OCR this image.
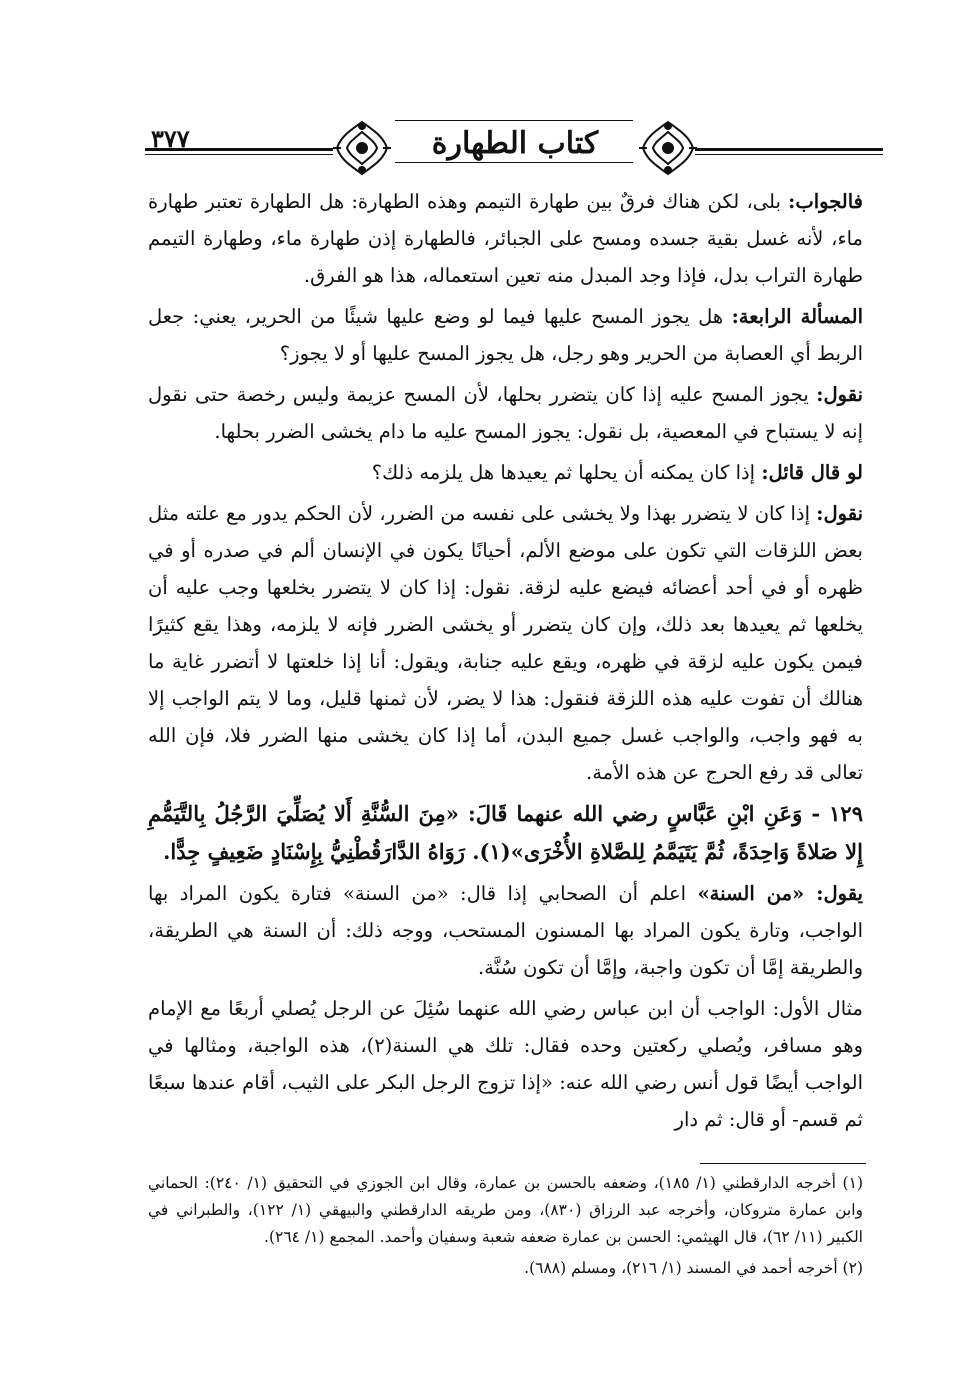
٣٧٧	كتاب الطهارة

فالجواب: بلى، لكن هناك فرقٌ بين طهارة التيمم وهذه الطهارة: هل الطهارة تعتبر طهارة ماء، لأنه غسل بقية جسده ومسح على الجبائر، فالطهارة إذن طهارة ماء، وطهارة التيمم طهارة التراب بدل، فإذا وجد المبدل منه تعين استعماله، هذا هو الفرق.

المسألة الرابعة: هل يجوز المسح عليها فيما لو وضع عليها شيئًا من الحرير، يعني: جعل الربط أي العصابة من الحرير وهو رجل، هل يجوز المسح عليها أو لا يجوز؟

نقول: يجوز المسح عليه إذا كان يتضرر بحلها، لأن المسح عزيمة وليس رخصة حتى نقول إنه لا يستباح في المعصية، بل نقول: يجوز المسح عليه ما دام يخشى الضرر بحلها.

لو قال قائل: إذا كان يمكنه أن يحلها ثم يعيدها هل يلزمه ذلك؟

نقول: إذا كان لا يتضرر بهذا ولا يخشى على نفسه من الضرر، لأن الحكم يدور مع علته مثل بعض اللزقات التي تكون على موضع الألم، أحيانًا يكون في الإنسان ألم في صدره أو في ظهره أو في أحد أعضائه فيضع عليه لزقة. نقول: إذا كان لا يتضرر بخلعها وجب عليه أن يخلعها ثم يعيدها بعد ذلك، وإن كان يتضرر أو يخشى الضرر فإنه لا يلزمه، وهذا يقع كثيرًا فيمن يكون عليه لزقة في ظهره، ويقع عليه جنابة، ويقول: أنا إذا خلعتها لا أتضرر غاية ما هنالك أن تفوت عليه هذه اللزقة فنقول: هذا لا يضر، لأن ثمنها قليل، وما لا يتم الواجب إلا به فهو واجب، والواجب غسل جميع البدن، أما إذا كان يخشى منها الضرر فلا، فإن الله تعالى قد رفع الحرج عن هذه الأمة.

١٢٩ - وَعَنِ ابْنِ عَبَّاسٍ رضي الله عنهما قَالَ: «مِنَ السُّنَّةِ أَلا يُصَلِّيَ الرَّجُلُ بِالتَّيَمُّمِ إِلا صَلاةً وَاحِدَةً، ثُمَّ يَتَيَمَّمُ لِلصَّلاةِ الأُخْرَى»(١). رَوَاهُ الدَّارَقُطْنِيُّ بِإِسْنَادٍ ضَعِيفٍ جِدًّا.

يقول: «من السنة» اعلم أن الصحابي إذا قال: «من السنة» فتارة يكون المراد بها الواجب، وتارة يكون المراد بها المسنون المستحب، ووجه ذلك: أن السنة هي الطريقة، والطريقة إمَّا أن تكون واجبة، وإمَّا أن تكون سُنَّة.

مثال الأول: الواجب أن ابن عباس رضي الله عنهما سُئِلَ عن الرجل يُصلي أربعًا مع الإمام وهو مسافر، ويُصلي ركعتين وحده فقال: تلك هي السنة(٢)، هذه الواجبة، ومثالها في الواجب أيضًا قول أنس رضي الله عنه: «إذا تزوج الرجل البكر على الثيب، أقام عندها سبعًا ثم قسم- أو قال: ثم دار

(١) أخرجه الدارقطني (١/ ١٨٥)، وضعفه بالحسن بن عمارة، وقال ابن الجوزي في التحقيق (١/ ٢٤٠): الحماني وابن عمارة متروكان، وأخرجه عبد الرزاق (٨٣٠)، ومن طريقه الدارقطني والبيهقي (١/ ١٢٢)، والطبراني في الكبير (١١/ ٦٢)، قال الهيثمي: الحسن بن عمارة ضعفه شعبة وسفيان وأحمد. المجمع (١/ ٢٦٤).

(٢) أخرجه أحمد في المسند (١/ ٢١٦)، ومسلم (٦٨٨).
